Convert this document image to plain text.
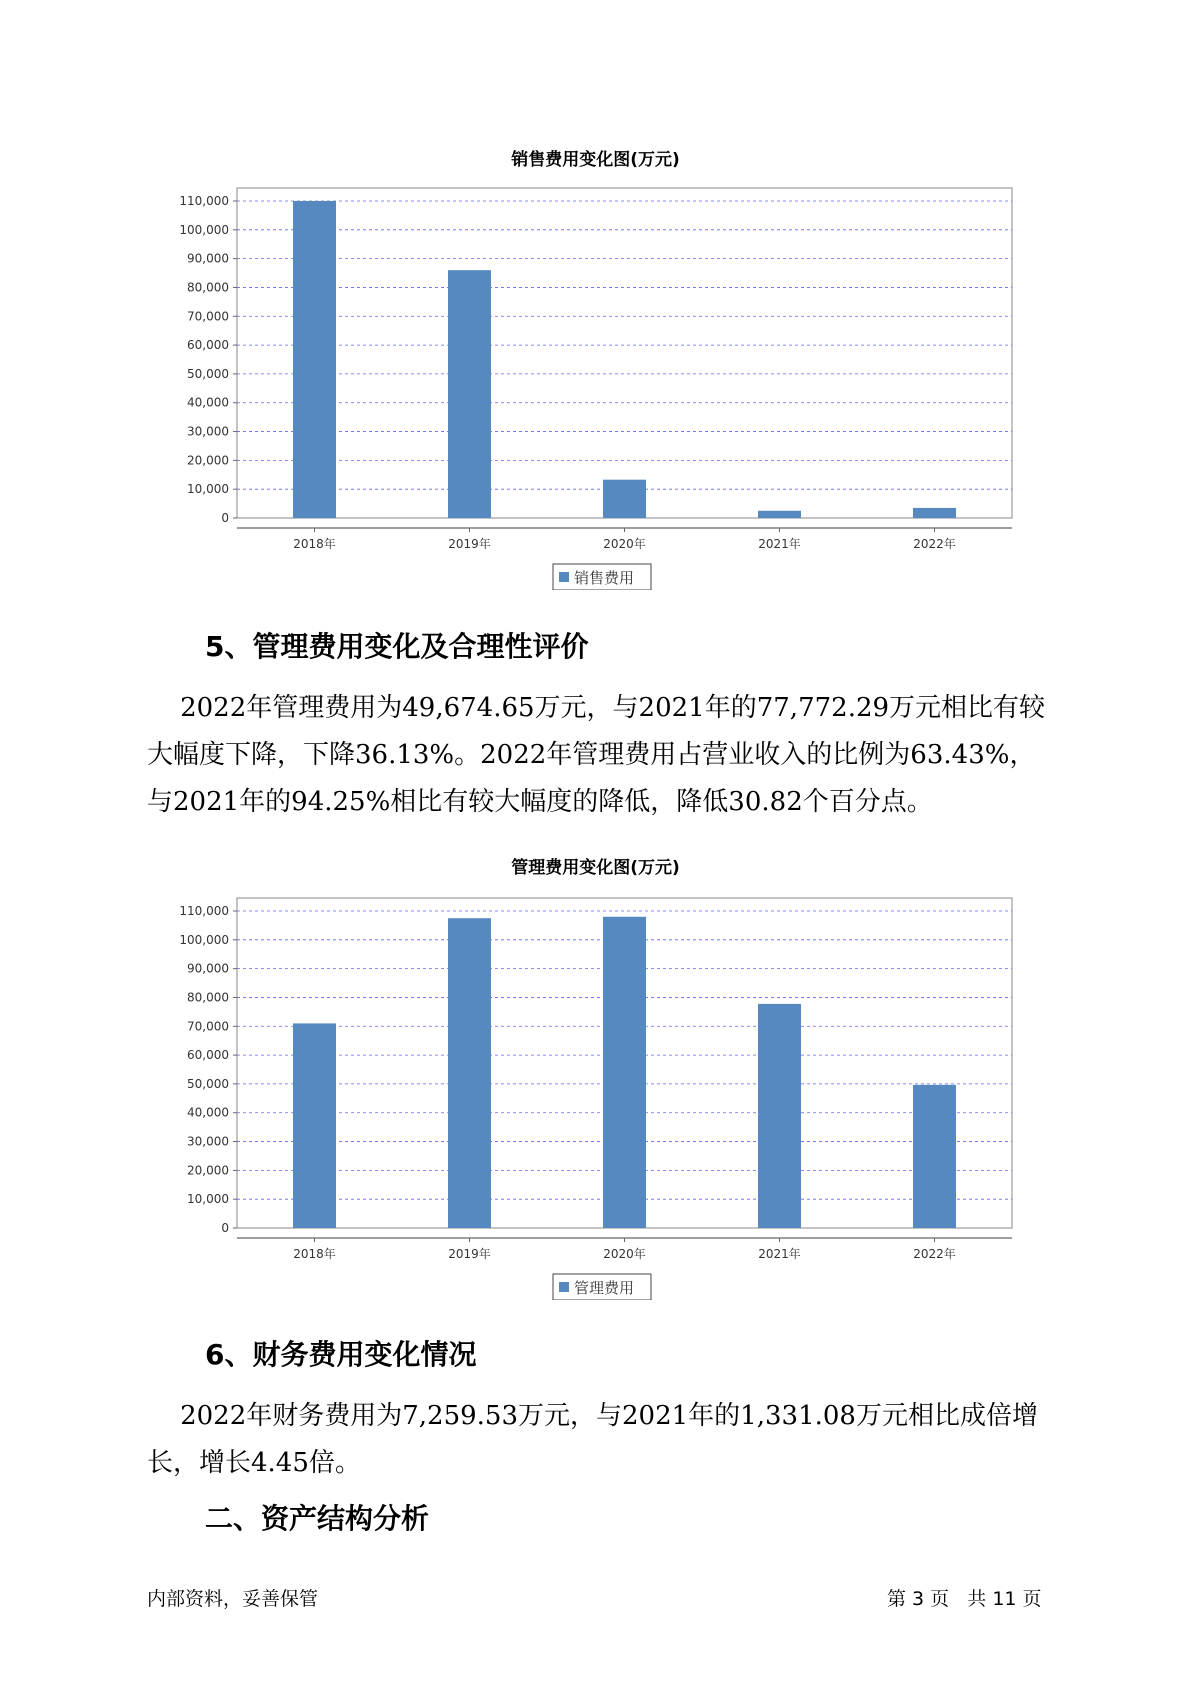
销售费用变化图(万元)
0
10,000
20,000
30,000
40,000
50,000
60,000
70,000
80,000
90,000
100,000
110,000
2018年	2019年	2020年	2021年	2022年
销售费用
5、管理费用变化及合理性评价
2022年管理费用为49,674.65万元，与2021年的77,772.29万元相比有较大幅度下降，下降36.13%。2022年管理费用占营业收入的比例为63.43%，与2021年的94.25%相比有较大幅度的降低，降低30.82个百分点。
管理费用变化图(万元)
0
10,000
20,000
30,000
40,000
50,000
60,000
70,000
80,000
90,000
100,000
110,000
2018年	2019年	2020年	2021年	2022年
管理费用
6、财务费用变化情况
2022年财务费用为7,259.53万元，与2021年的1,331.08万元相比成倍增长，增长4.45倍。
二、资产结构分析
内部资料，妥善保管	第 3 页   共 11 页
